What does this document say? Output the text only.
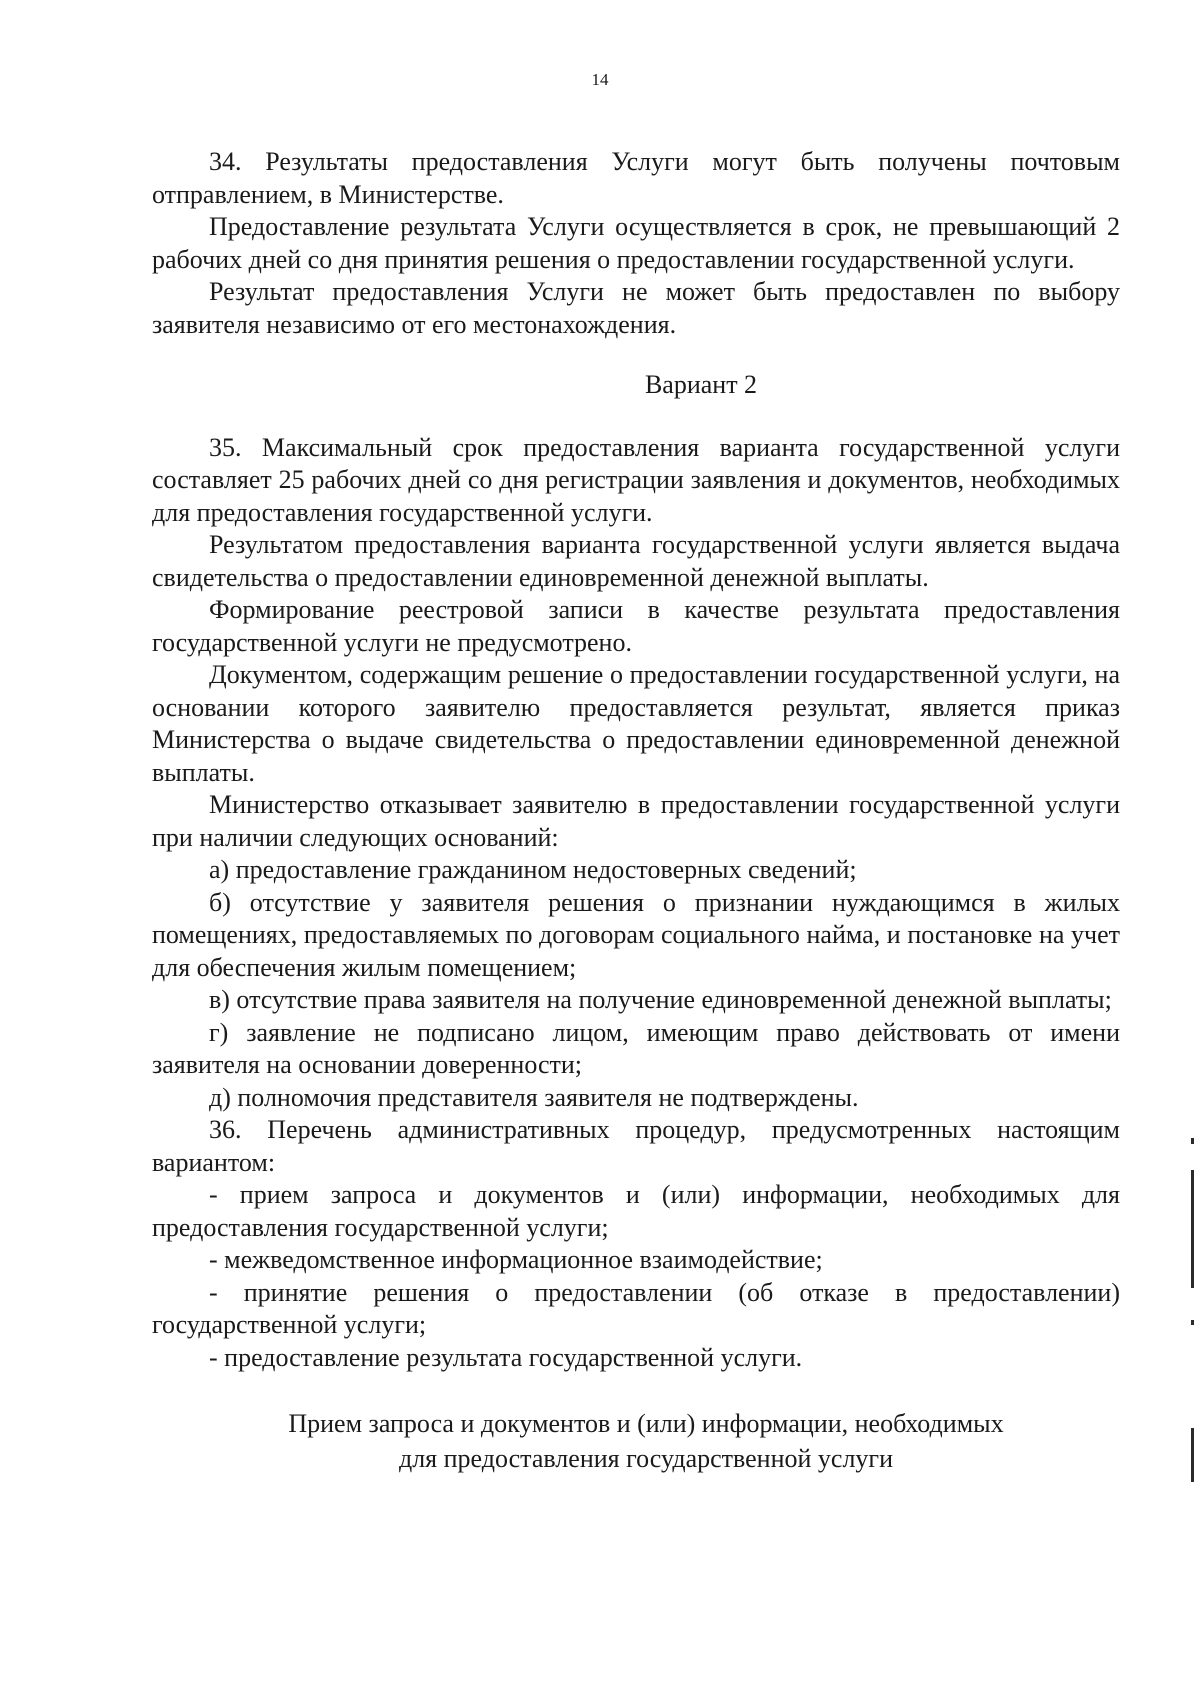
14

34. Результаты предоставления Услуги могут быть получены почтовым отправлением, в Министерстве.

Предоставление результата Услуги осуществляется в срок, не превышающий 2 рабочих дней со дня принятия решения о предоставлении государственной услуги.

Результат предоставления Услуги не может быть предоставлен по выбору заявителя независимо от его местонахождения.

Вариант 2

35. Максимальный срок предоставления варианта государственной услуги составляет 25 рабочих дней со дня регистрации заявления и документов, необходимых для предоставления государственной услуги.

Результатом предоставления варианта государственной услуги является выдача свидетельства о предоставлении единовременной денежной выплаты.

Формирование реестровой записи в качестве результата предоставления государственной услуги не предусмотрено.

Документом, содержащим решение о предоставлении государственной услуги, на основании которого заявителю предоставляется результат, является приказ Министерства о выдаче свидетельства о предоставлении единовременной денежной выплаты.

Министерство отказывает заявителю в предоставлении государственной услуги при наличии следующих оснований:

а) предоставление гражданином недостоверных сведений;

б) отсутствие у заявителя решения о признании нуждающимся в жилых помещениях, предоставляемых по договорам социального найма, и постановке на учет для обеспечения жилым помещением;

в) отсутствие права заявителя на получение единовременной денежной выплаты;

г) заявление не подписано лицом, имеющим право действовать от имени заявителя на основании доверенности;

д) полномочия представителя заявителя не подтверждены.

36. Перечень административных процедур, предусмотренных настоящим вариантом:

- прием запроса и документов и (или) информации, необходимых для предоставления государственной услуги;

- межведомственное информационное взаимодействие;

- принятие решения о предоставлении (об отказе в предоставлении) государственной услуги;

- предоставление результата государственной услуги.

Прием запроса и документов и (или) информации, необходимых
для предоставления государственной услуги
